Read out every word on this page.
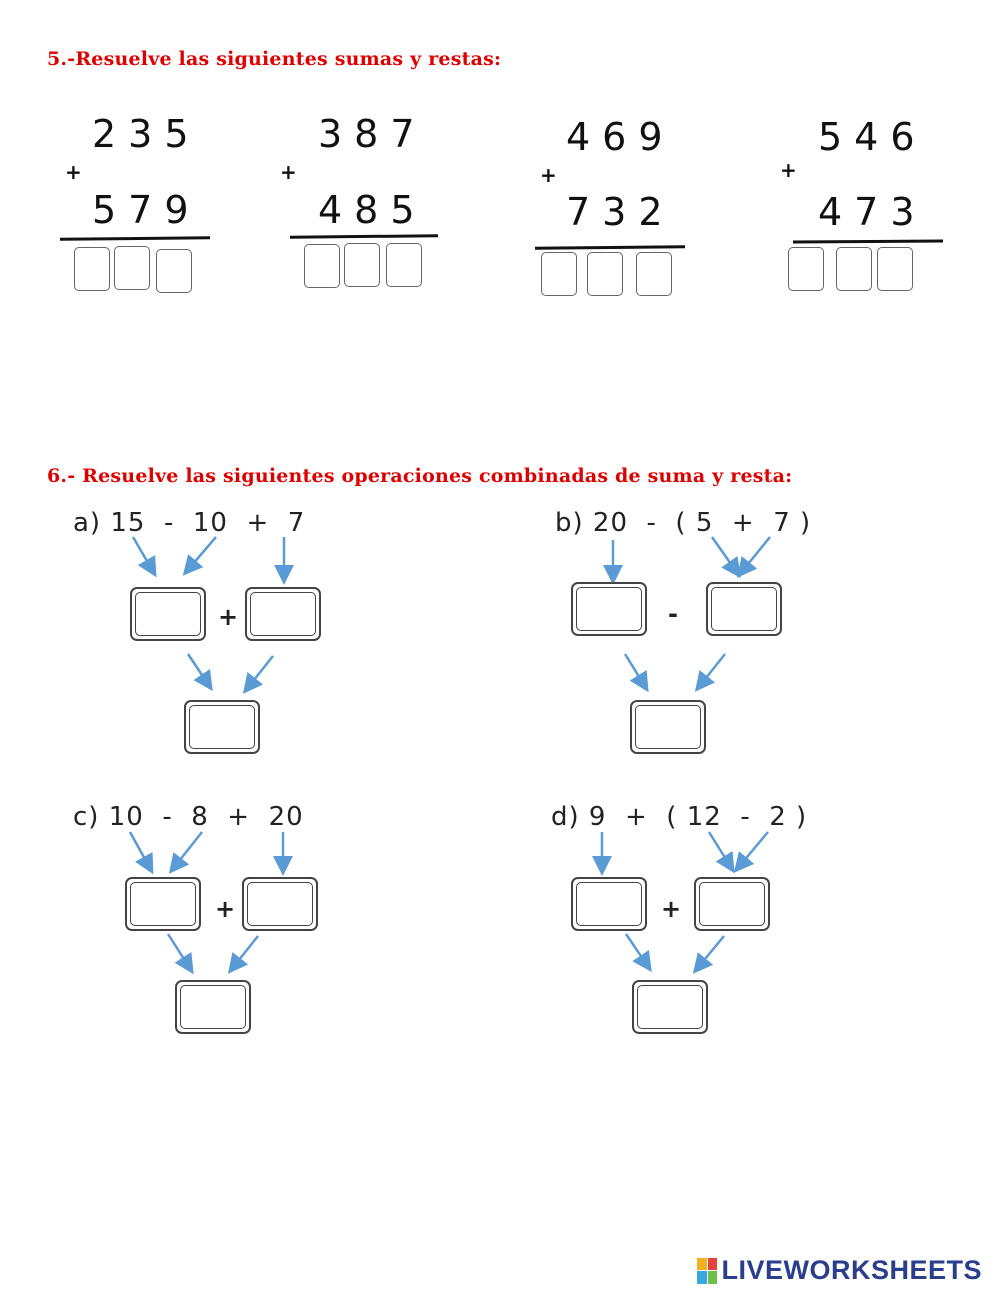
5.-Resuelve las siguientes sumas y restas:
235
+
579
387
+
485
469
+
732
546
+
473
6.- Resuelve las siguientes operaciones combinadas de suma y resta:
a) 15  -  10  +  7
+
b) 20  -  ( 5  +  7 )
-
c) 10  -  8  +  20
+
d) 9  +  ( 12  -  2 )
+
LIVEWORKSHEETS
